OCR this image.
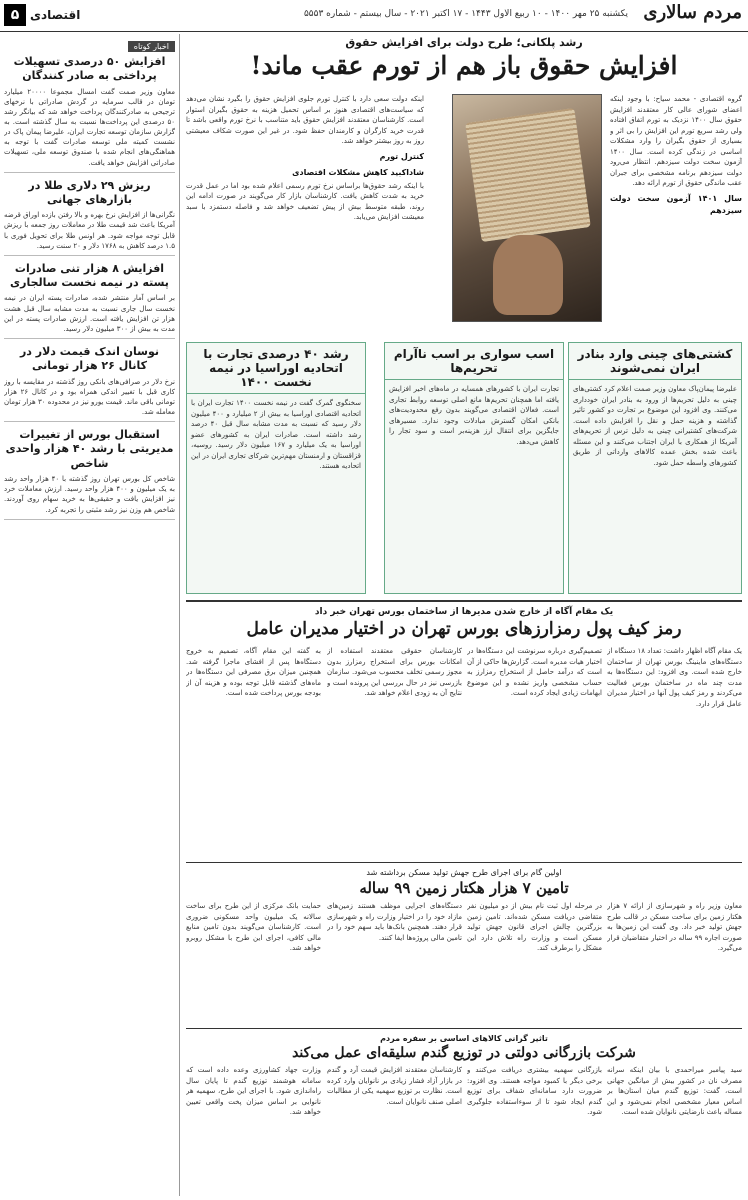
مردم سالاری
یکشنبه ۲۵ مهر ۱۴۰۰ - ۱۰ ربیع الاول ۱۴۴۳ - ۱۷ اکتبر ۲۰۲۱ - سال بیستم - شماره ۵۵۵۳
اقتصادی
۵
اخبار کوتاه
افزایش ۵۰ درصدی تسهیلات پرداختی به صادر کنندگان

معاون وزیر صمت گفت امسال مجموعا ۲۰۰۰۰ میلیارد تومان در قالب سرمایه در گردش صادراتی با نرخهای ترجیحی به صادرکنندگان پرداخت خواهد شد که بیانگر رشد ۵۰ درصدی این پرداخت‌ها نسبت به سال گذشته است. به گزارش سازمان توسعه تجارت ایران، علیرضا پیمان پاک در نشست کمیته ملی توسعه صادرات گفت با توجه به هماهنگی‌های انجام شده با صندوق توسعه ملی، تسهیلات صادراتی افزایش خواهد یافت.

ریزش ۲۹ دلاری طلا در بازارهای جهانی

نگرانی‌ها از افزایش نرخ بهره و بالا رفتن بازده اوراق قرضه آمریکا باعث شد قیمت طلا در معاملات روز جمعه با ریزش قابل توجه مواجه شود. هر اونس طلا برای تحویل فوری با ۱.۵ درصد کاهش به ۱۷۶۸ دلار و ۲۰ سنت رسید.

افزایش ۸ هزار تنی صادرات پسته در نیمه نخست سالجاری

بر اساس آمار منتشر شده، صادرات پسته ایران در نیمه نخست سال جاری نسبت به مدت مشابه سال قبل هشت هزار تن افزایش یافته است. ارزش صادرات پسته در این مدت به بیش از ۳۰۰ میلیون دلار رسید.

نوسان اندک قیمت دلار در کانال ۲۶ هزار تومانی

نرخ دلار در صرافی‌های بانکی روز گذشته در مقایسه با روز کاری قبل با تغییر اندکی همراه بود و در کانال ۲۶ هزار تومانی باقی ماند. قیمت یورو نیز در محدوده ۳۰ هزار تومان معامله شد.

استقبال بورس از تغییرات مدیریتی با رشد ۴۰ هزار واحدی شاخص

شاخص کل بورس تهران روز گذشته با ۴۰ هزار واحد رشد به یک میلیون و ۴۰۰ هزار واحد رسید. ارزش معاملات خرد نیز افزایش یافت و حقیقی‌ها به خرید سهام روی آوردند. شاخص هم وزن نیز رشد مثبتی را تجربه کرد.

رشد پلکانی؛ طرح دولت برای افزایش حقوق
افزایش حقوق باز هم از تورم عقب ماند!
گروه اقتصادی - محمد سیاح: با وجود اینکه اعضای شورای عالی کار معتقدند افزایش حقوق سال ۱۴۰۰ نزدیک به تورم اتفاق افتاده ولی رشد سریع تورم این افزایش را بی اثر و بسیاری از حقوق بگیران را وارد مشکلات اساسی در زندگی کرده است. سال ۱۴۰۰ آزمون سخت دولت سیزدهم. انتظار می‌رود دولت سیزدهم برنامه مشخصی برای جبران عقب ماندگی حقوق از تورم ارائه دهد.
سال ۱۴۰۱ آزمون سخت دولت سیزدهم
اینکه دولت سعی دارد با کنترل تورم جلوی افزایش حقوق را بگیرد نشان می‌دهد که سیاست‌های اقتصادی هنوز بر اساس تحمیل هزینه به حقوق بگیران استوار است. کارشناسان معتقدند افزایش حقوق باید متناسب با نرخ تورم واقعی باشد تا قدرت خرید کارگران و کارمندان حفظ شود. در غیر این صورت شکاف معیشتی روز به روز بیشتر خواهد شد.
کنترل تورم
شاداکبید کاهش مشکلات اقتصادی
با اینکه رشد حقوق‌ها براساس نرخ تورم رسمی اعلام شده بود اما در عمل قدرت خرید به شدت کاهش یافت. کارشناسان بازار کار می‌گویند در صورت ادامه این روند، طبقه متوسط بیش از پیش تضعیف خواهد شد و فاصله دستمزد با سبد معیشت افزایش می‌یابد.
کشتی‌های چینی وارد بنادر ایران نمی‌شوند
علیرضا پیمان‌پاک معاون وزیر صمت اعلام کرد کشتی‌های چینی به دلیل تحریم‌ها از ورود به بنادر ایران خودداری می‌کنند. وی افزود این موضوع بر تجارت دو کشور تاثیر گذاشته و هزینه حمل و نقل را افزایش داده است. شرکت‌های کشتیرانی چینی به دلیل ترس از تحریم‌های آمریکا از همکاری با ایران اجتناب می‌کنند و این مسئله باعث شده بخش عمده کالاهای وارداتی از طریق کشورهای واسطه حمل شود.
اسب سواری بر اسب ناآرام تحریم‌ها
تجارت ایران با کشورهای همسایه در ماه‌های اخیر افزایش یافته اما همچنان تحریم‌ها مانع اصلی توسعه روابط تجاری است. فعالان اقتصادی می‌گویند بدون رفع محدودیت‌های بانکی امکان گسترش مبادلات وجود ندارد. مسیرهای جایگزین برای انتقال ارز هزینه‌بر است و سود تجار را کاهش می‌دهد.
رشد ۴۰ درصدی تجارت با اتحادیه اوراسیا در نیمه نخست ۱۴۰۰
سخنگوی گمرک گفت در نیمه نخست ۱۴۰۰ تجارت ایران با اتحادیه اقتصادی اوراسیا به بیش از ۲ میلیارد و ۴۰۰ میلیون دلار رسید که نسبت به مدت مشابه سال قبل ۴۰ درصد رشد داشته است. صادرات ایران به کشورهای عضو اوراسیا به یک میلیارد و ۱۶۷ میلیون دلار رسید. روسیه، قزاقستان و ارمنستان مهم‌ترین شرکای تجاری ایران در این اتحادیه هستند.
یک مقام آگاه از خارج شدن مدیرها از ساختمان بورس تهران خبر داد
رمز کیف پول رمزارزهای بورس تهران در اختیار مدیران عامل
یک مقام آگاه اظهار داشت: تعداد ۱۸ دستگاه از دستگاه‌های ماینینگ بورس تهران از ساختمان خارج شده است. وی افزود: این دستگاه‌ها به مدت چند ماه در ساختمان بورس فعالیت می‌کردند و رمز کیف پول آنها در اختیار مدیران عامل قرار دارد.
تصمیم‌گیری درباره سرنوشت این دستگاه‌ها در اختیار هیات مدیره است. گزارش‌ها حاکی از آن است که درآمد حاصل از استخراج رمزارز به حساب مشخصی واریز نشده و این موضوع ابهامات زیادی ایجاد کرده است.
کارشناسان حقوقی معتقدند استفاده از امکانات بورس برای استخراج رمزارز بدون مجوز رسمی تخلف محسوب می‌شود. سازمان بازرسی نیز در حال بررسی این پرونده است و نتایج آن به زودی اعلام خواهد شد.
به گفته این مقام آگاه، تصمیم به خروج دستگاه‌ها پس از افشای ماجرا گرفته شد. همچنین میزان برق مصرفی این دستگاه‌ها در ماه‌های گذشته قابل توجه بوده و هزینه آن از بودجه بورس پرداخت شده است.
اولین گام برای اجرای طرح جهش تولید مسکن برداشته شد
تامین ۷ هزار هکتار زمین ۹۹ ساله
معاون وزیر راه و شهرسازی از ارائه ۷ هزار هکتار زمین برای ساخت مسکن در قالب طرح جهش تولید خبر داد. وی گفت این زمین‌ها به صورت اجاره ۹۹ ساله در اختیار متقاضیان قرار می‌گیرد.
در مرحله اول ثبت نام بیش از دو میلیون نفر متقاضی دریافت مسکن شده‌اند. تامین زمین بزرگترین چالش اجرای قانون جهش تولید مسکن است و وزارت راه تلاش دارد این مشکل را برطرف کند.
دستگاه‌های اجرایی موظف هستند زمین‌های مازاد خود را در اختیار وزارت راه و شهرسازی قرار دهند. همچنین بانک‌ها باید سهم خود را در تامین مالی پروژه‌ها ایفا کنند.
حمایت بانک مرکزی از این طرح برای ساخت سالانه یک میلیون واحد مسکونی ضروری است. کارشناسان می‌گویند بدون تامین منابع مالی کافی، اجرای این طرح با مشکل روبرو خواهد شد.
تاثیر گرانی کالاهای اساسی بر سفره مردم
شرکت بازرگانی دولتی در توزیع گندم سلیقه‌ای عمل می‌کند
سید پیامبر میراحمدی با بیان اینکه سرانه مصرف نان در کشور بیش از میانگین جهانی است، گفت: توزیع گندم میان استان‌ها بر اساس معیار مشخصی انجام نمی‌شود و این مساله باعث نارضایتی نانوایان شده است.
بازرگانی سهمیه بیشتری دریافت می‌کنند و برخی دیگر با کمبود مواجه هستند. وی افزود: ضرورت دارد سامانه‌ای شفاف برای توزیع گندم ایجاد شود تا از سوءاستفاده جلوگیری شود.
کارشناسان معتقدند افزایش قیمت آرد و گندم در بازار آزاد فشار زیادی بر نانوایان وارد کرده است. نظارت بر توزیع سهمیه یکی از مطالبات اصلی صنف نانوایان است.
وزارت جهاد کشاورزی وعده داده است که سامانه هوشمند توزیع گندم تا پایان سال راه‌اندازی شود. با اجرای این طرح، سهمیه هر نانوایی بر اساس میزان پخت واقعی تعیین خواهد شد.
